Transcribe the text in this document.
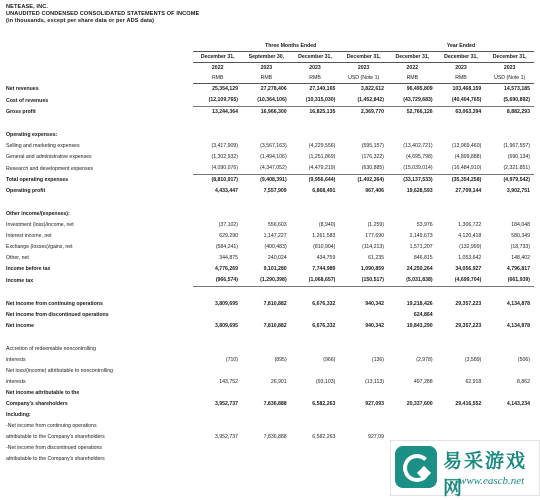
NETEASE, INC.
UNAUDITED CONDENSED CONSOLIDATED STATEMENTS OF INCOME
(in thousands, except per share data or per ADS data)
	Three Months Ended				Year Ended		
	December 31,	September 30,	December 31,	December 31,	December 31,	December 31,	December 31,
	2022	2023	2023	2023	2022	2023	2023
	RMB	RMB	RMB	USD (Note 1)	RMB	RMB	USD (Note 1)
Net revenues	25,354,129	27,278,406	27,140,165	3,822,612	96,495,809	103,468,159	14,573,185
Cost of revenues	(12,109,765)	(10,364,106)	(10,315,030)	(1,452,842)	(43,729,683)	(40,404,765)	(5,690,892)
Gross profit	13,244,364	16,966,300	16,825,135	2,369,770	52,766,126	63,063,394	8,882,293

Operating expenses:							
Selling and marketing expenses	(3,417,909)	(3,567,163)	(4,229,556)	(595,157)	(13,402,721)	(13,969,460)	(1,967,557)
General and administrative expenses	(1,302,932)	(1,494,106)	(1,251,869)	(176,322)	(4,695,798)	(4,899,888)	(690,134)
Research and development expenses	(4,090,076)	(4,347,052)	(4,479,219)	(630,885)	(15,039,014)	(16,484,910)	(2,321,851)
Total operating expenses	(8,810,917)	(9,408,391)	(9,956,644)	(1,402,364)	(33,137,533)	(35,354,258)	(4,979,542)
Operating profit	4,433,447	7,557,909	6,868,491	967,406	19,628,593	27,709,144	3,902,751

Other income/(expenses):							
Investment (loss)/income, net	(37,102)	556,603	(8,940)	(1,259)	53,976	1,306,722	184,048
Interest income, net	629,290	1,147,227	1,261,583	177,690	2,149,673	4,120,418	580,349
Exchange (losses)/gains, net	(584,241)	(400,483)	(810,904)	(114,213)	1,571,207	(132,999)	(18,733)
Other, net	344,875	240,024	434,759	61,235	846,815	1,053,642	148,402
Income before tax	4,776,269	9,101,280	7,744,989	1,090,859	24,250,264	34,056,927	4,796,817
Income tax	(966,574)	(1,290,398)	(1,068,657)	(150,517)	(5,031,838)	(4,699,704)	(661,939)

Net income from continuing operations	3,809,695	7,810,882	6,676,332	940,342	19,218,426	29,357,223	4,134,878
Net income from discontinued operations					624,864		
Net income	3,809,695	7,810,882	6,676,332	940,342	19,843,290	29,357,223	4,134,878

Accretion of redeemable noncontrolling							
interests	(710)	(895)	(966)	(136)	(2,978)	(3,589)	(506)
Net loss/(income) attributable to noncontrolling							
interests	143,752	26,901	(93,103)	(13,113)	497,288	62,918	8,862
Net income attributable to the							
Company's shareholders	3,952,737	7,836,888	6,582,263	927,093	20,337,600	29,416,552	4,143,234
Including:							
-Net income from continuing operations							
attributable to the Company's shareholders	3,952,737	7,836,888	6,582,263	927,09			
-Net income from discontinued operations							
attributable to the Company's shareholders								易采游戏网
www.eascb.net
